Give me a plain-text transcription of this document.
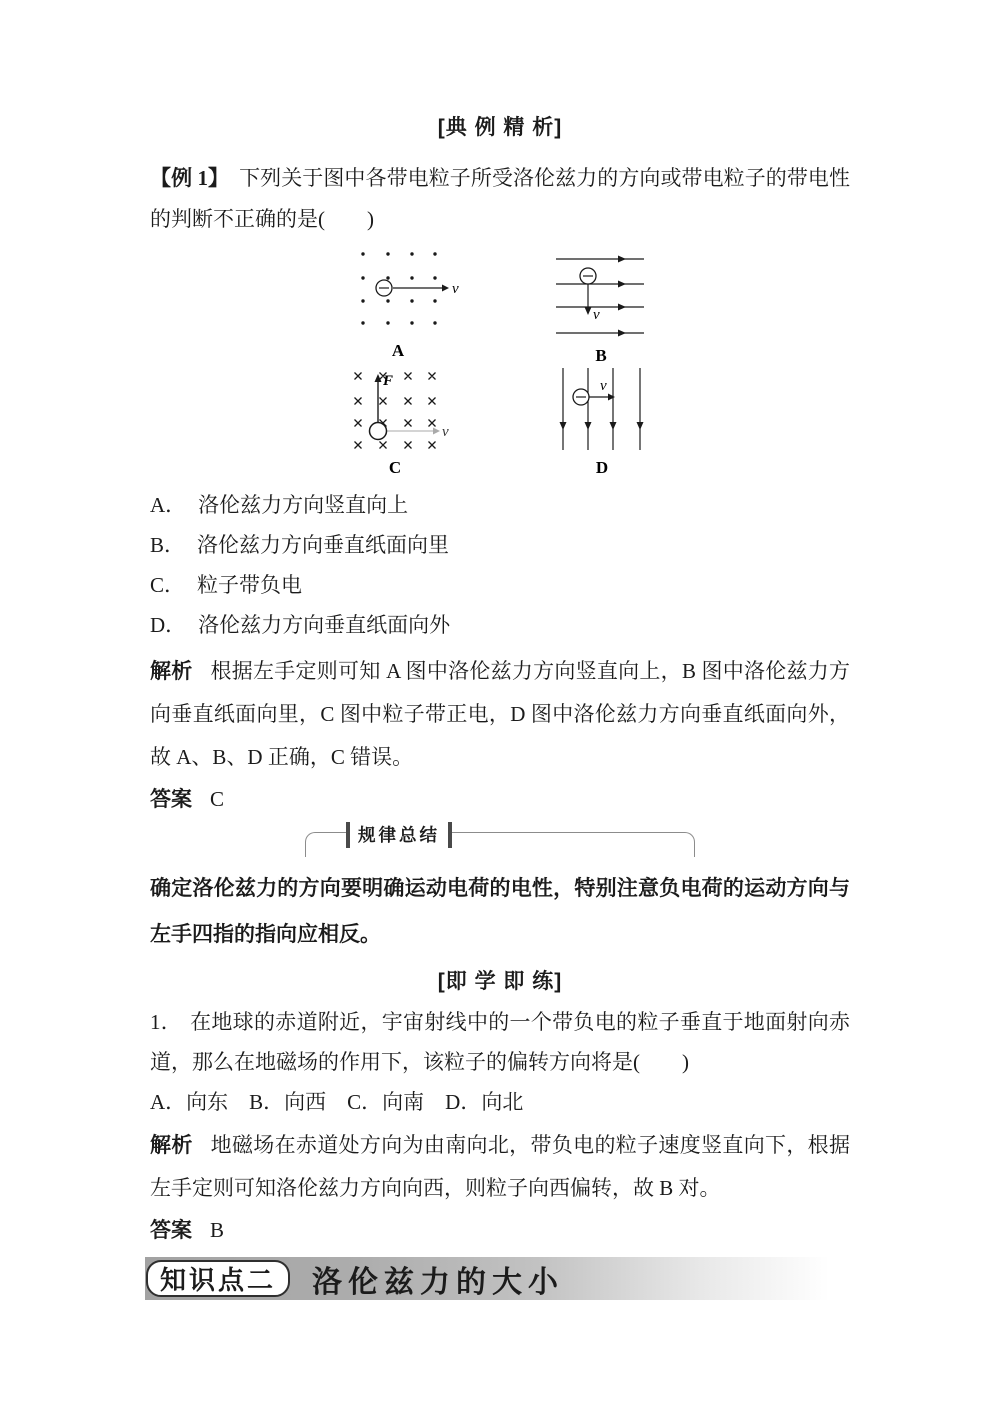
[典 例 精 析]

【例 1】 下列关于图中各带电粒子所受洛伦兹力的方向或带电粒子的带电性的判断不正确的是(　　)

v
A
v
B
F
v
C
v
D
A． 洛伦兹力方向竖直向上
B． 洛伦兹力方向垂直纸面向里
C． 粒子带负电
D． 洛伦兹力方向垂直纸面向外

解析 根据左手定则可知 A 图中洛伦兹力方向竖直向上，B 图中洛伦兹力方向垂直纸面向里，C 图中粒子带正电，D 图中洛伦兹力方向垂直纸面向外，故 A、B、D 正确，C 错误。

答案 C
规律总结

确定洛伦兹力的方向要明确运动电荷的电性，特别注意负电荷的运动方向与左手四指的指向应相反。

[即 学 即 练]

1． 在地球的赤道附近，宇宙射线中的一个带负电的粒子垂直于地面射向赤道，那么在地磁场的作用下，该粒子的偏转方向将是(　　)

A．向东　B．向西　C．向南　D．向北

解析 地磁场在赤道处方向为由南向北，带负电的粒子速度竖直向下，根据左手定则可知洛伦兹力方向向西，则粒子向西偏转，故 B 对。

答案 B
知识点二	洛伦兹力的大小
